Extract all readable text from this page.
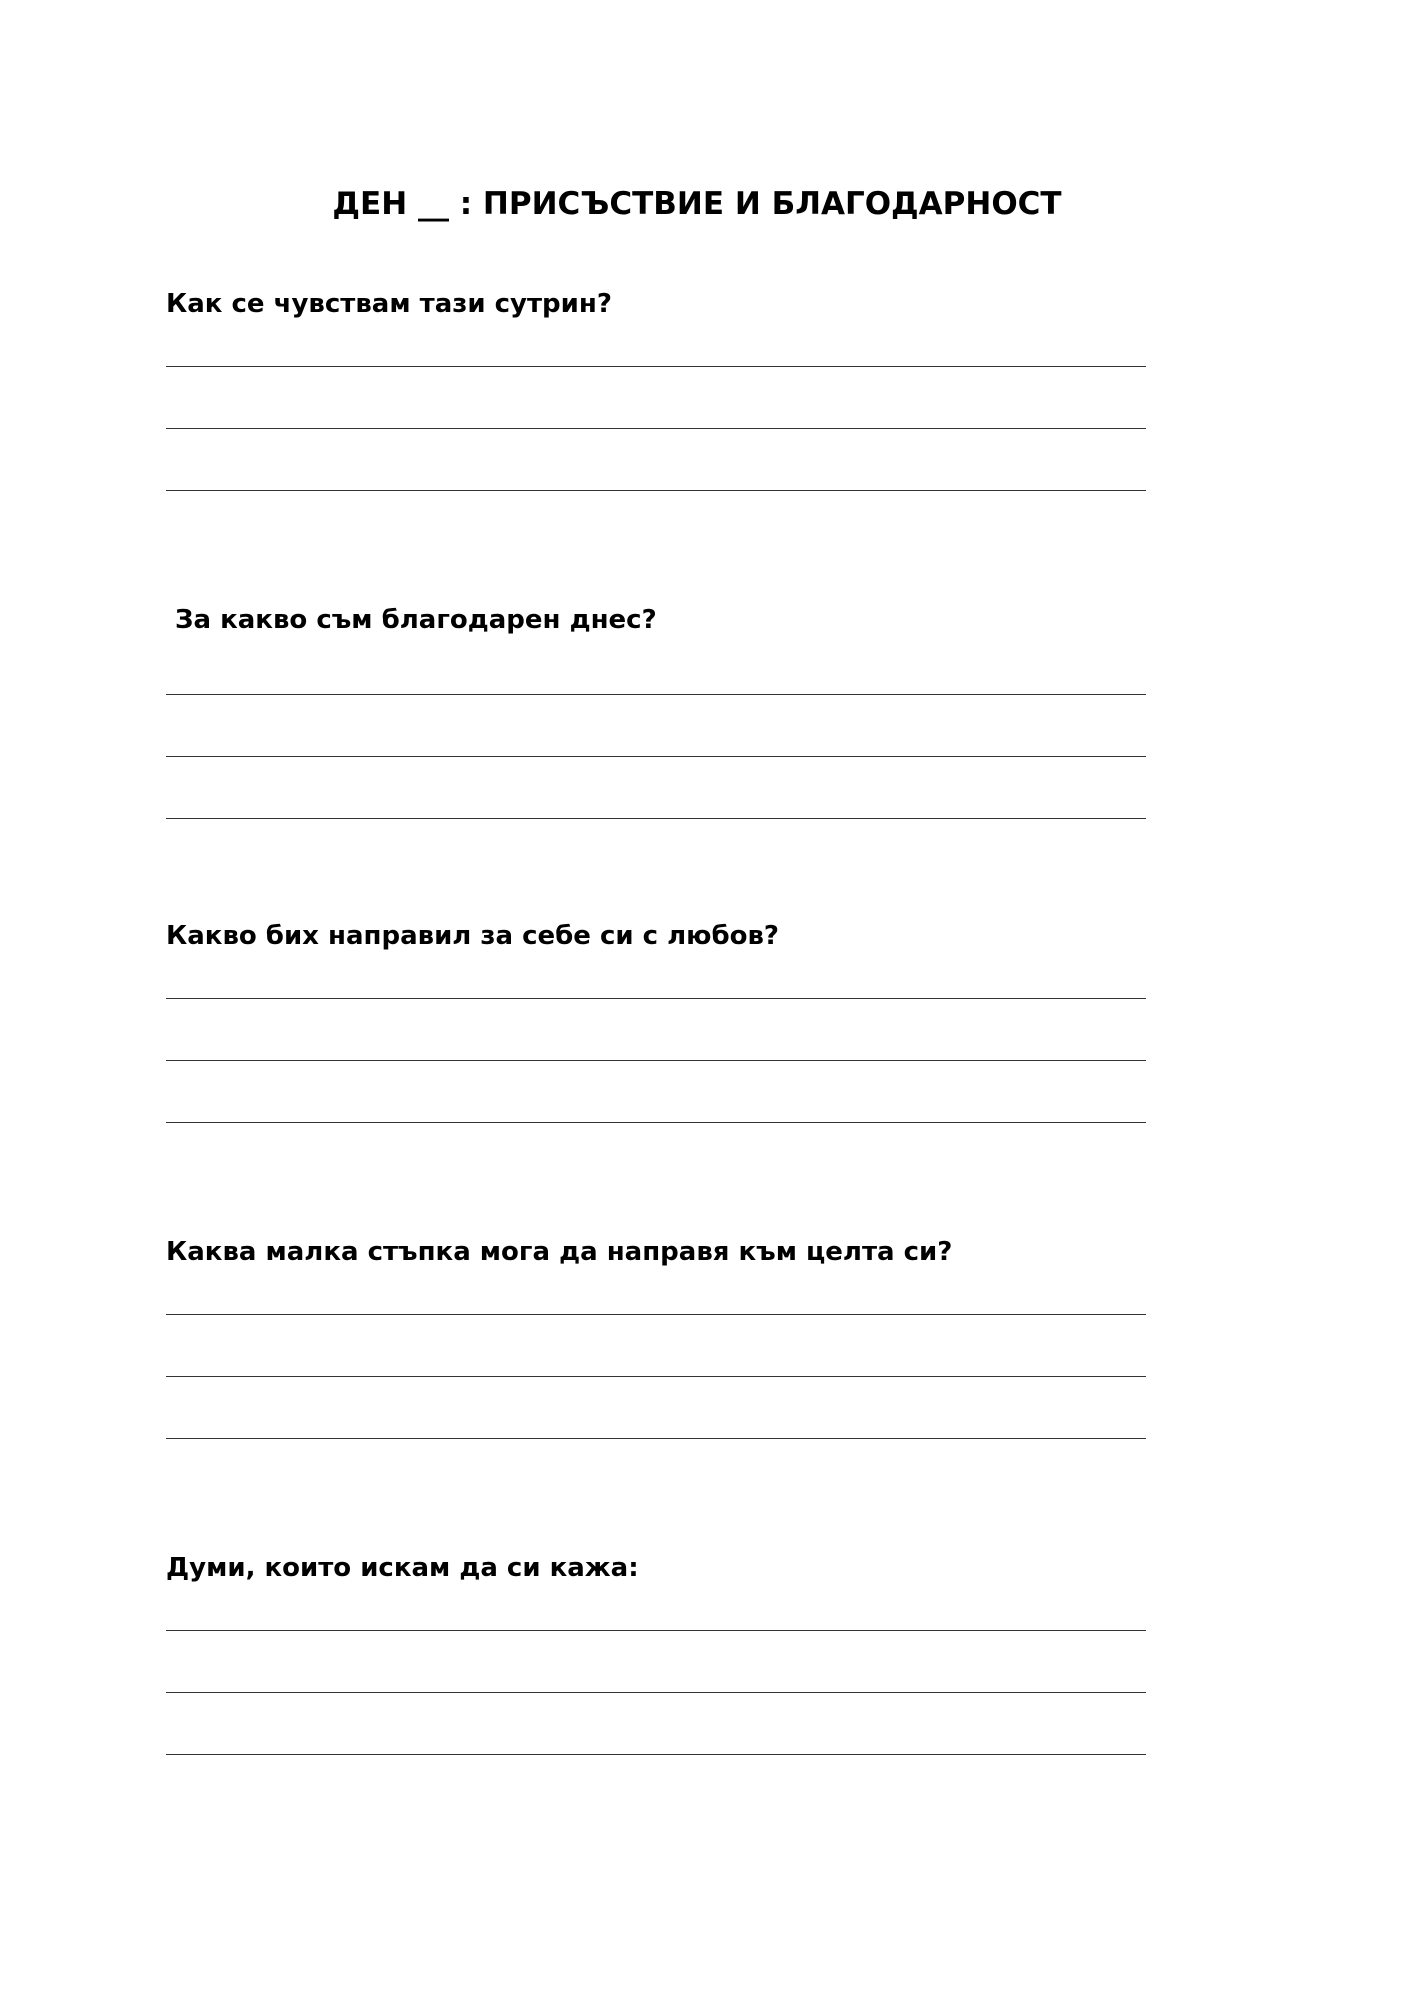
ДЕН __ : ПРИСЪСТВИЕ И БЛАГОДАРНОСТ
Как се чувствам тази сутрин?
За какво съм благодарен днес?
Какво бих направил за себе си с любов?
Каква малка стъпка мога да направя към целта си?
Думи, които искам да си кажа:
